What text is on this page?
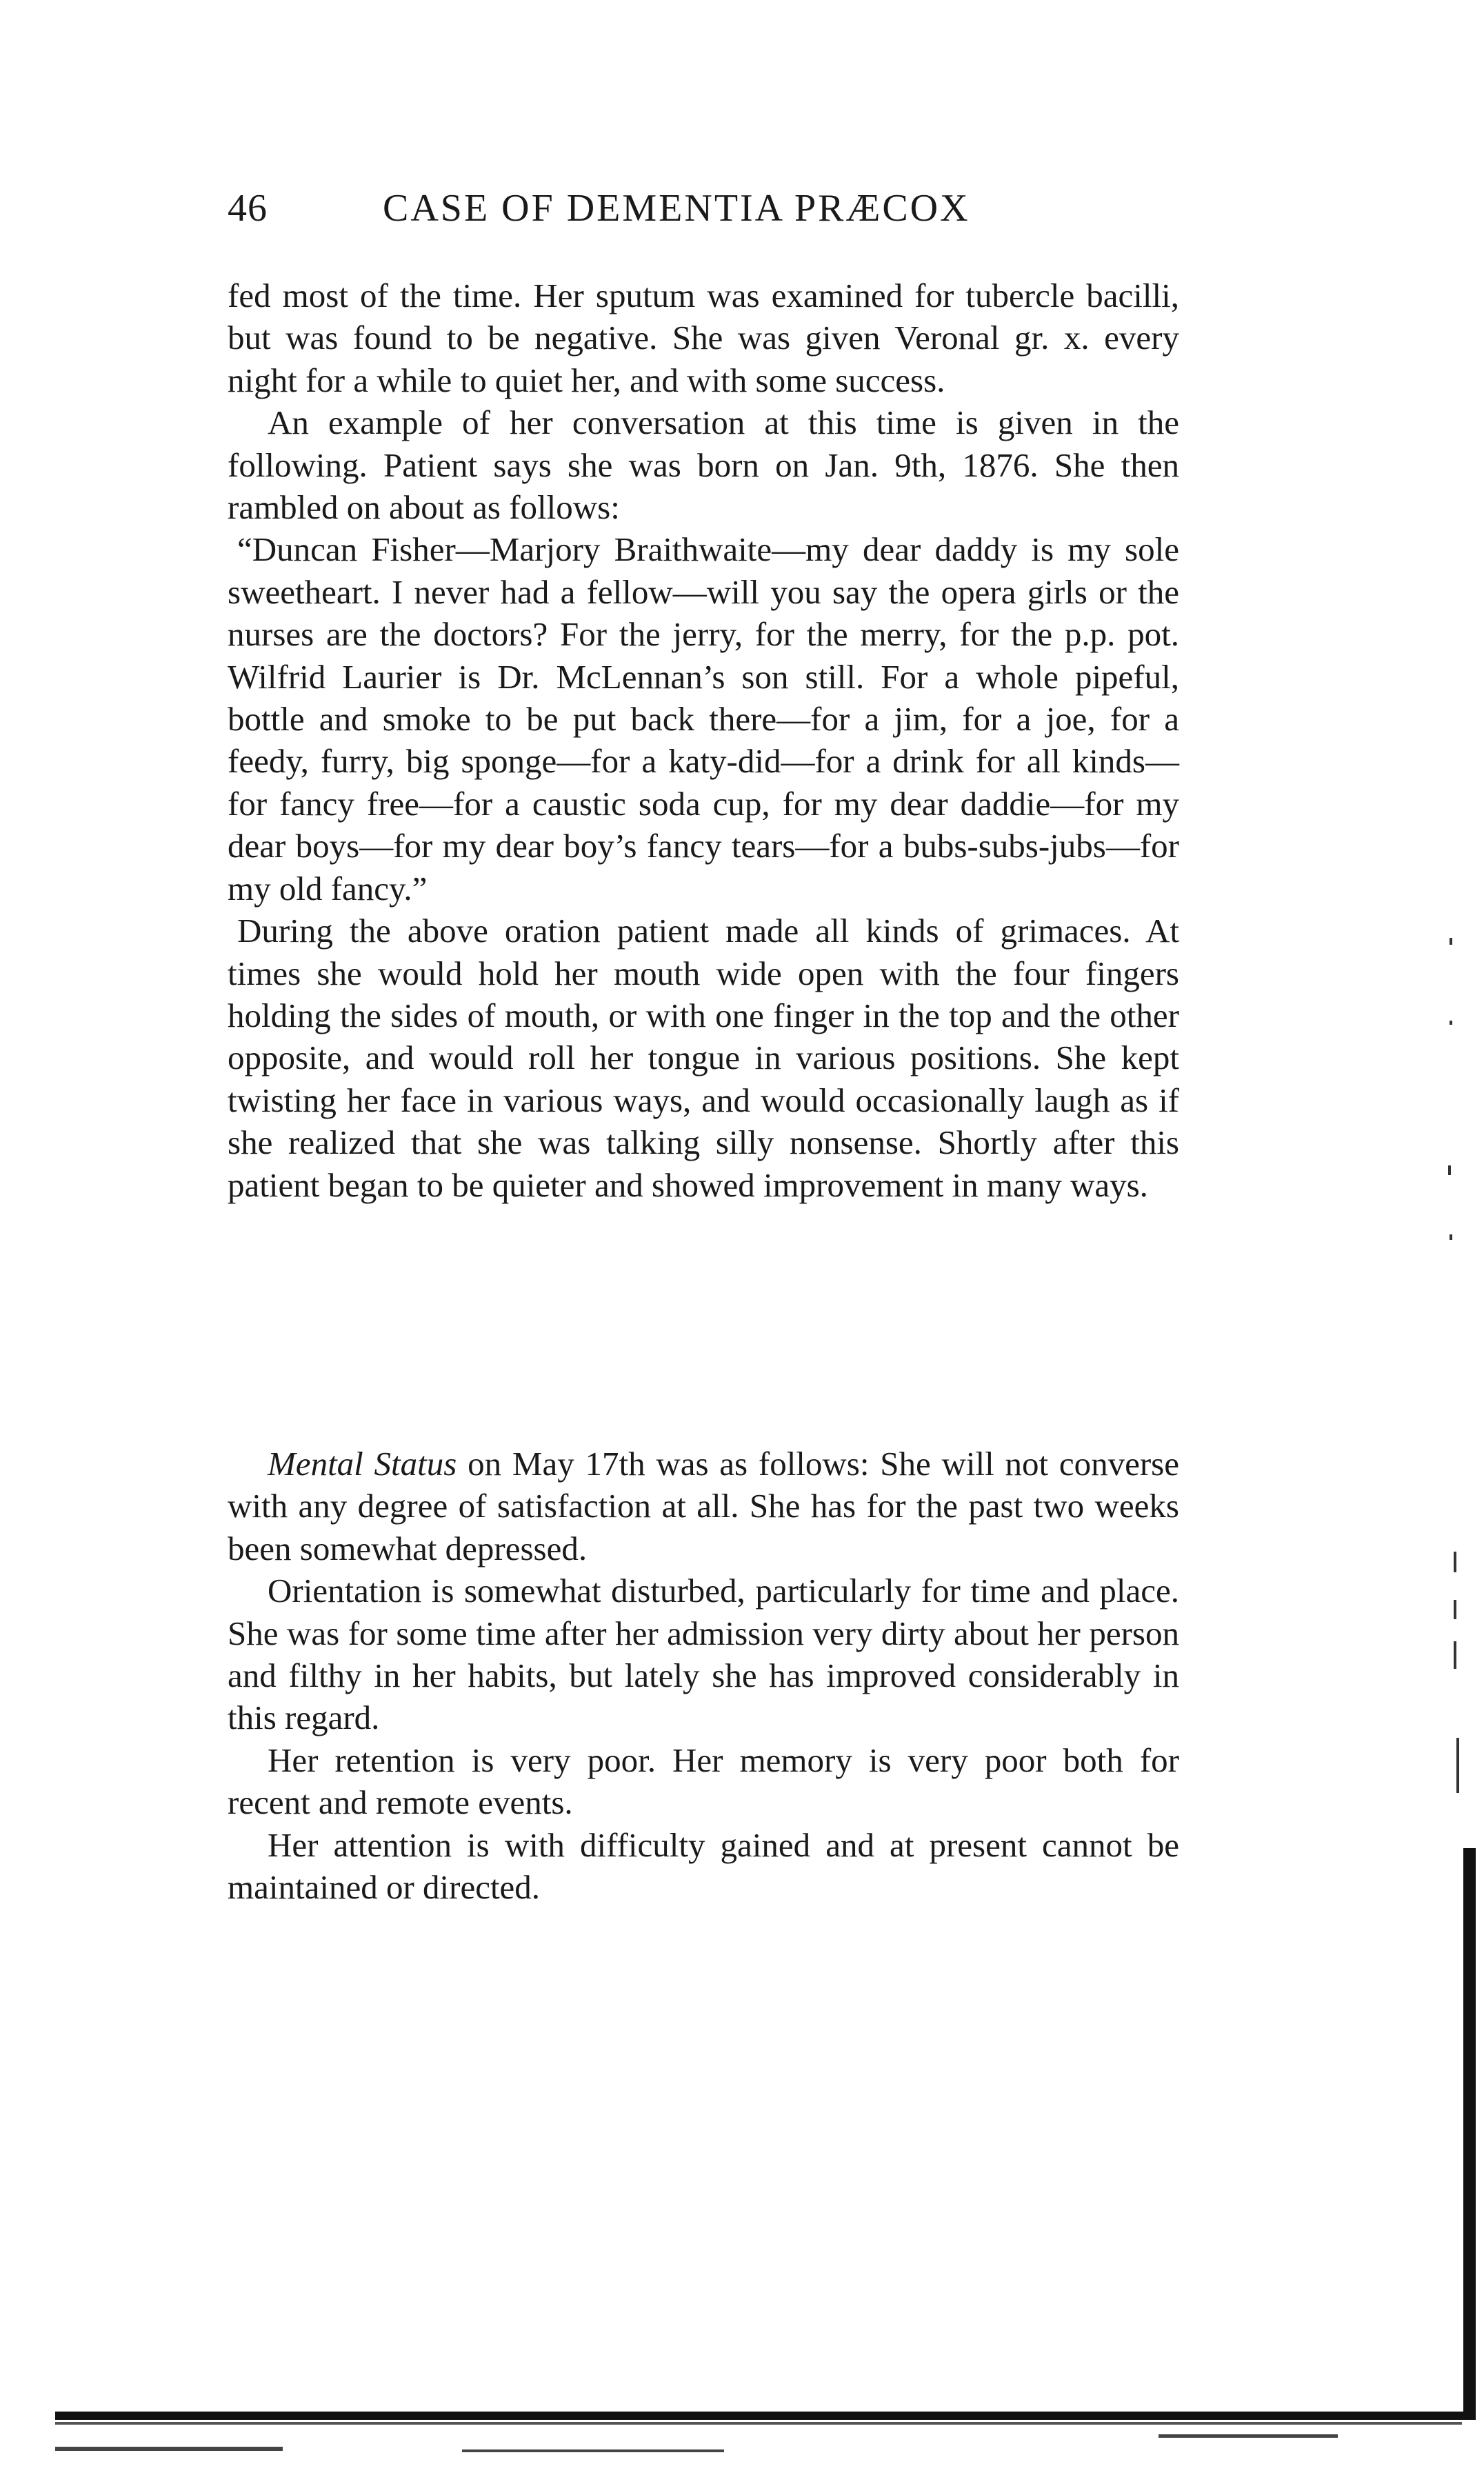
46	CASE OF DEMENTIA PRÆCOX

fed most of the time. Her sputum was examined for tubercle bacilli, but was found to be negative. She was given Veronal gr. x. every night for a while to quiet her, and with some success.

An example of her conversation at this time is given in the following. Patient says she was born on Jan. 9th, 1876. She then rambled on about as follows:

“Duncan Fisher—Marjory Braithwaite—my dear daddy is my sole sweetheart. I never had a fellow—will you say the opera girls or the nurses are the doctors? For the jerry, for the merry, for the p.p. pot. Wilfrid Laurier is Dr. McLennan’s son still. For a whole pipeful, bottle and smoke to be put back there—for a jim, for a joe, for a feedy, furry, big sponge—for a katy-did—for a drink for all kinds—for fancy free—for a caustic soda cup, for my dear daddie—for my dear boys—for my dear boy’s fancy tears—for a bubs-subs-jubs—for my old fancy.”

During the above oration patient made all kinds of grimaces. At times she would hold her mouth wide open with the four fingers holding the sides of mouth, or with one finger in the top and the other opposite, and would roll her tongue in various positions. She kept twisting her face in various ways, and would occasionally laugh as if she realized that she was talking silly nonsense. Shortly after this patient began to be quieter and showed improvement in many ways.

Mental Status on May 17th was as follows: She will not converse with any degree of satisfaction at all. She has for the past two weeks been somewhat depressed.

Orientation is somewhat disturbed, particularly for time and place. She was for some time after her admission very dirty about her person and filthy in her habits, but lately she has improved considerably in this regard.

Her retention is very poor. Her memory is very poor both for recent and remote events.

Her attention is with difficulty gained and at present cannot be maintained or directed.
